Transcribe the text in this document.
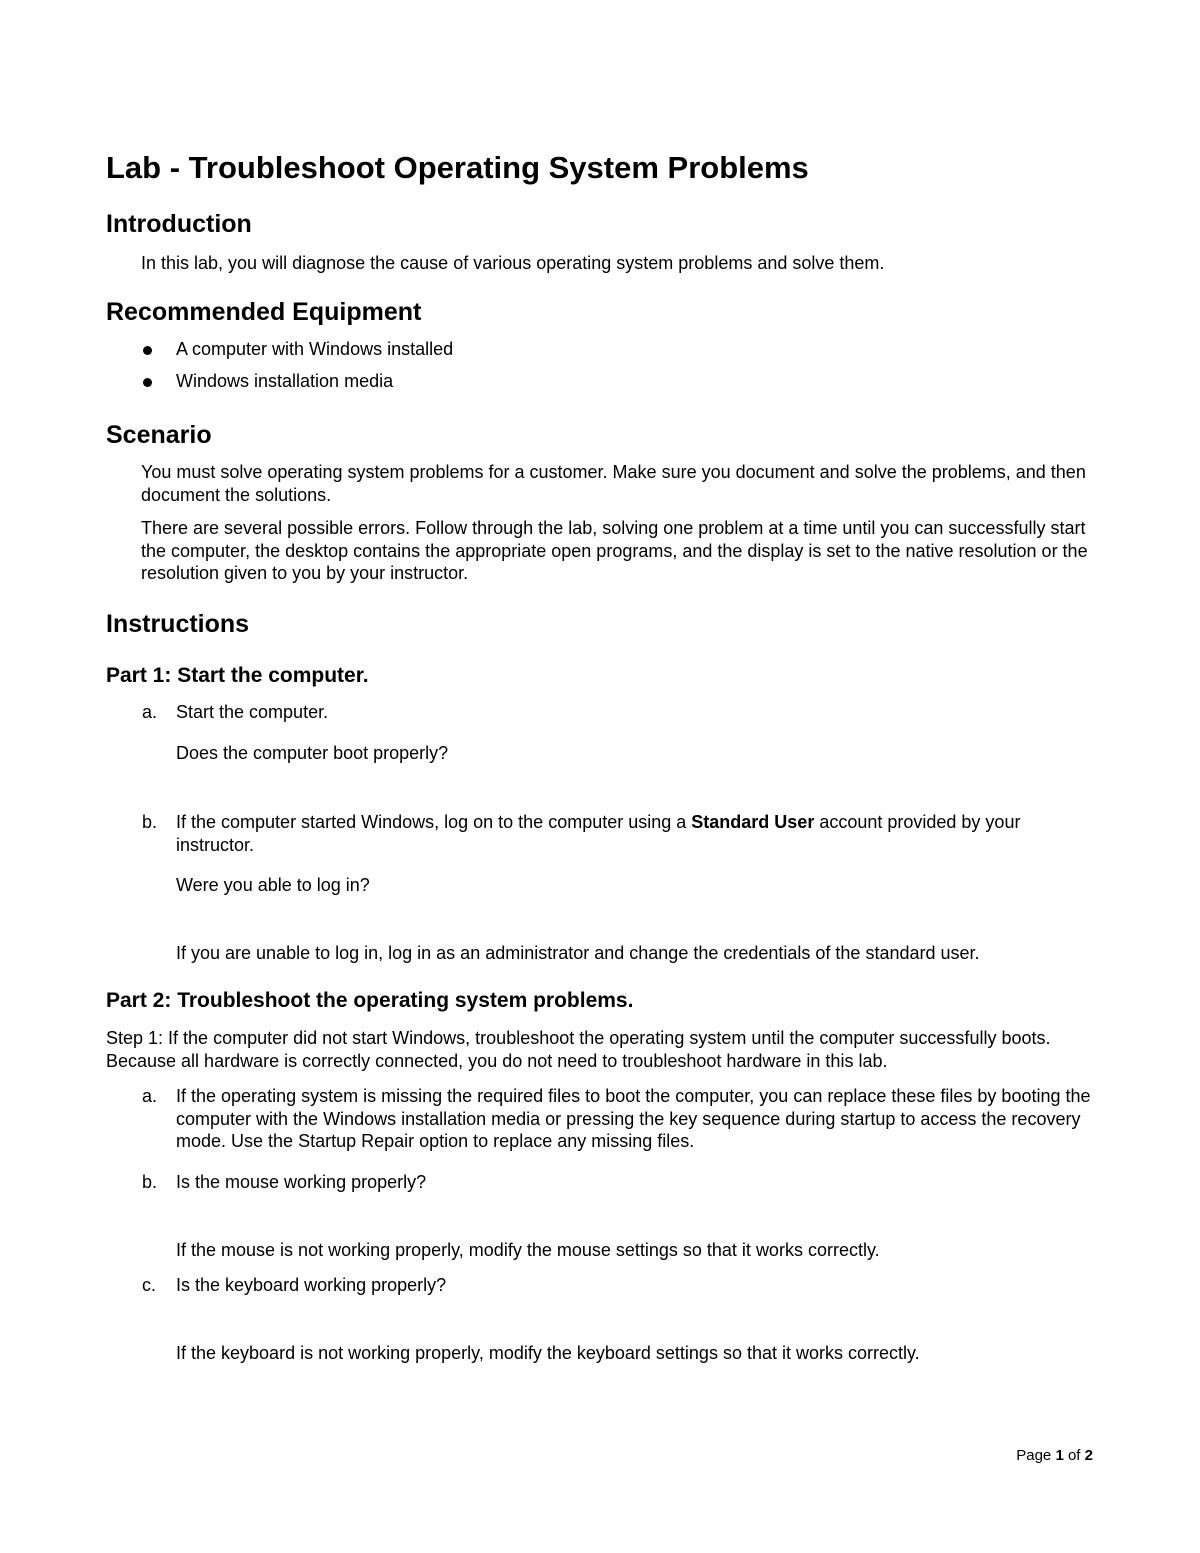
Lab - Troubleshoot Operating System Problems
Introduction

In this lab, you will diagnose the cause of various operating system problems and solve them.

Recommended Equipment

A computer with Windows installed

Windows installation media

Scenario

You must solve operating system problems for a customer. Make sure you document and solve the problems, and then document the solutions.

There are several possible errors. Follow through the lab, solving one problem at a time until you can successfully start the computer, the desktop contains the appropriate open programs, and the display is set to the native resolution or the resolution given to you by your instructor.

Instructions
Part 1: Start the computer.

a. Start the computer.

Does the computer boot properly?

b. If the computer started Windows, log on to the computer using a Standard User account provided by your instructor.

Were you able to log in?

If you are unable to log in, log in as an administrator and change the credentials of the standard user.

Part 2: Troubleshoot the operating system problems.

Step 1: If the computer did not start Windows, troubleshoot the operating system until the computer successfully boots. Because all hardware is correctly connected, you do not need to troubleshoot hardware in this lab.

a. If the operating system is missing the required files to boot the computer, you can replace these files by booting the computer with the Windows installation media or pressing the key sequence during startup to access the recovery mode. Use the Startup Repair option to replace any missing files.

b. Is the mouse working properly?

If the mouse is not working properly, modify the mouse settings so that it works correctly.

c. Is the keyboard working properly?

If the keyboard is not working properly, modify the keyboard settings so that it works correctly.

Page 1 of 2
